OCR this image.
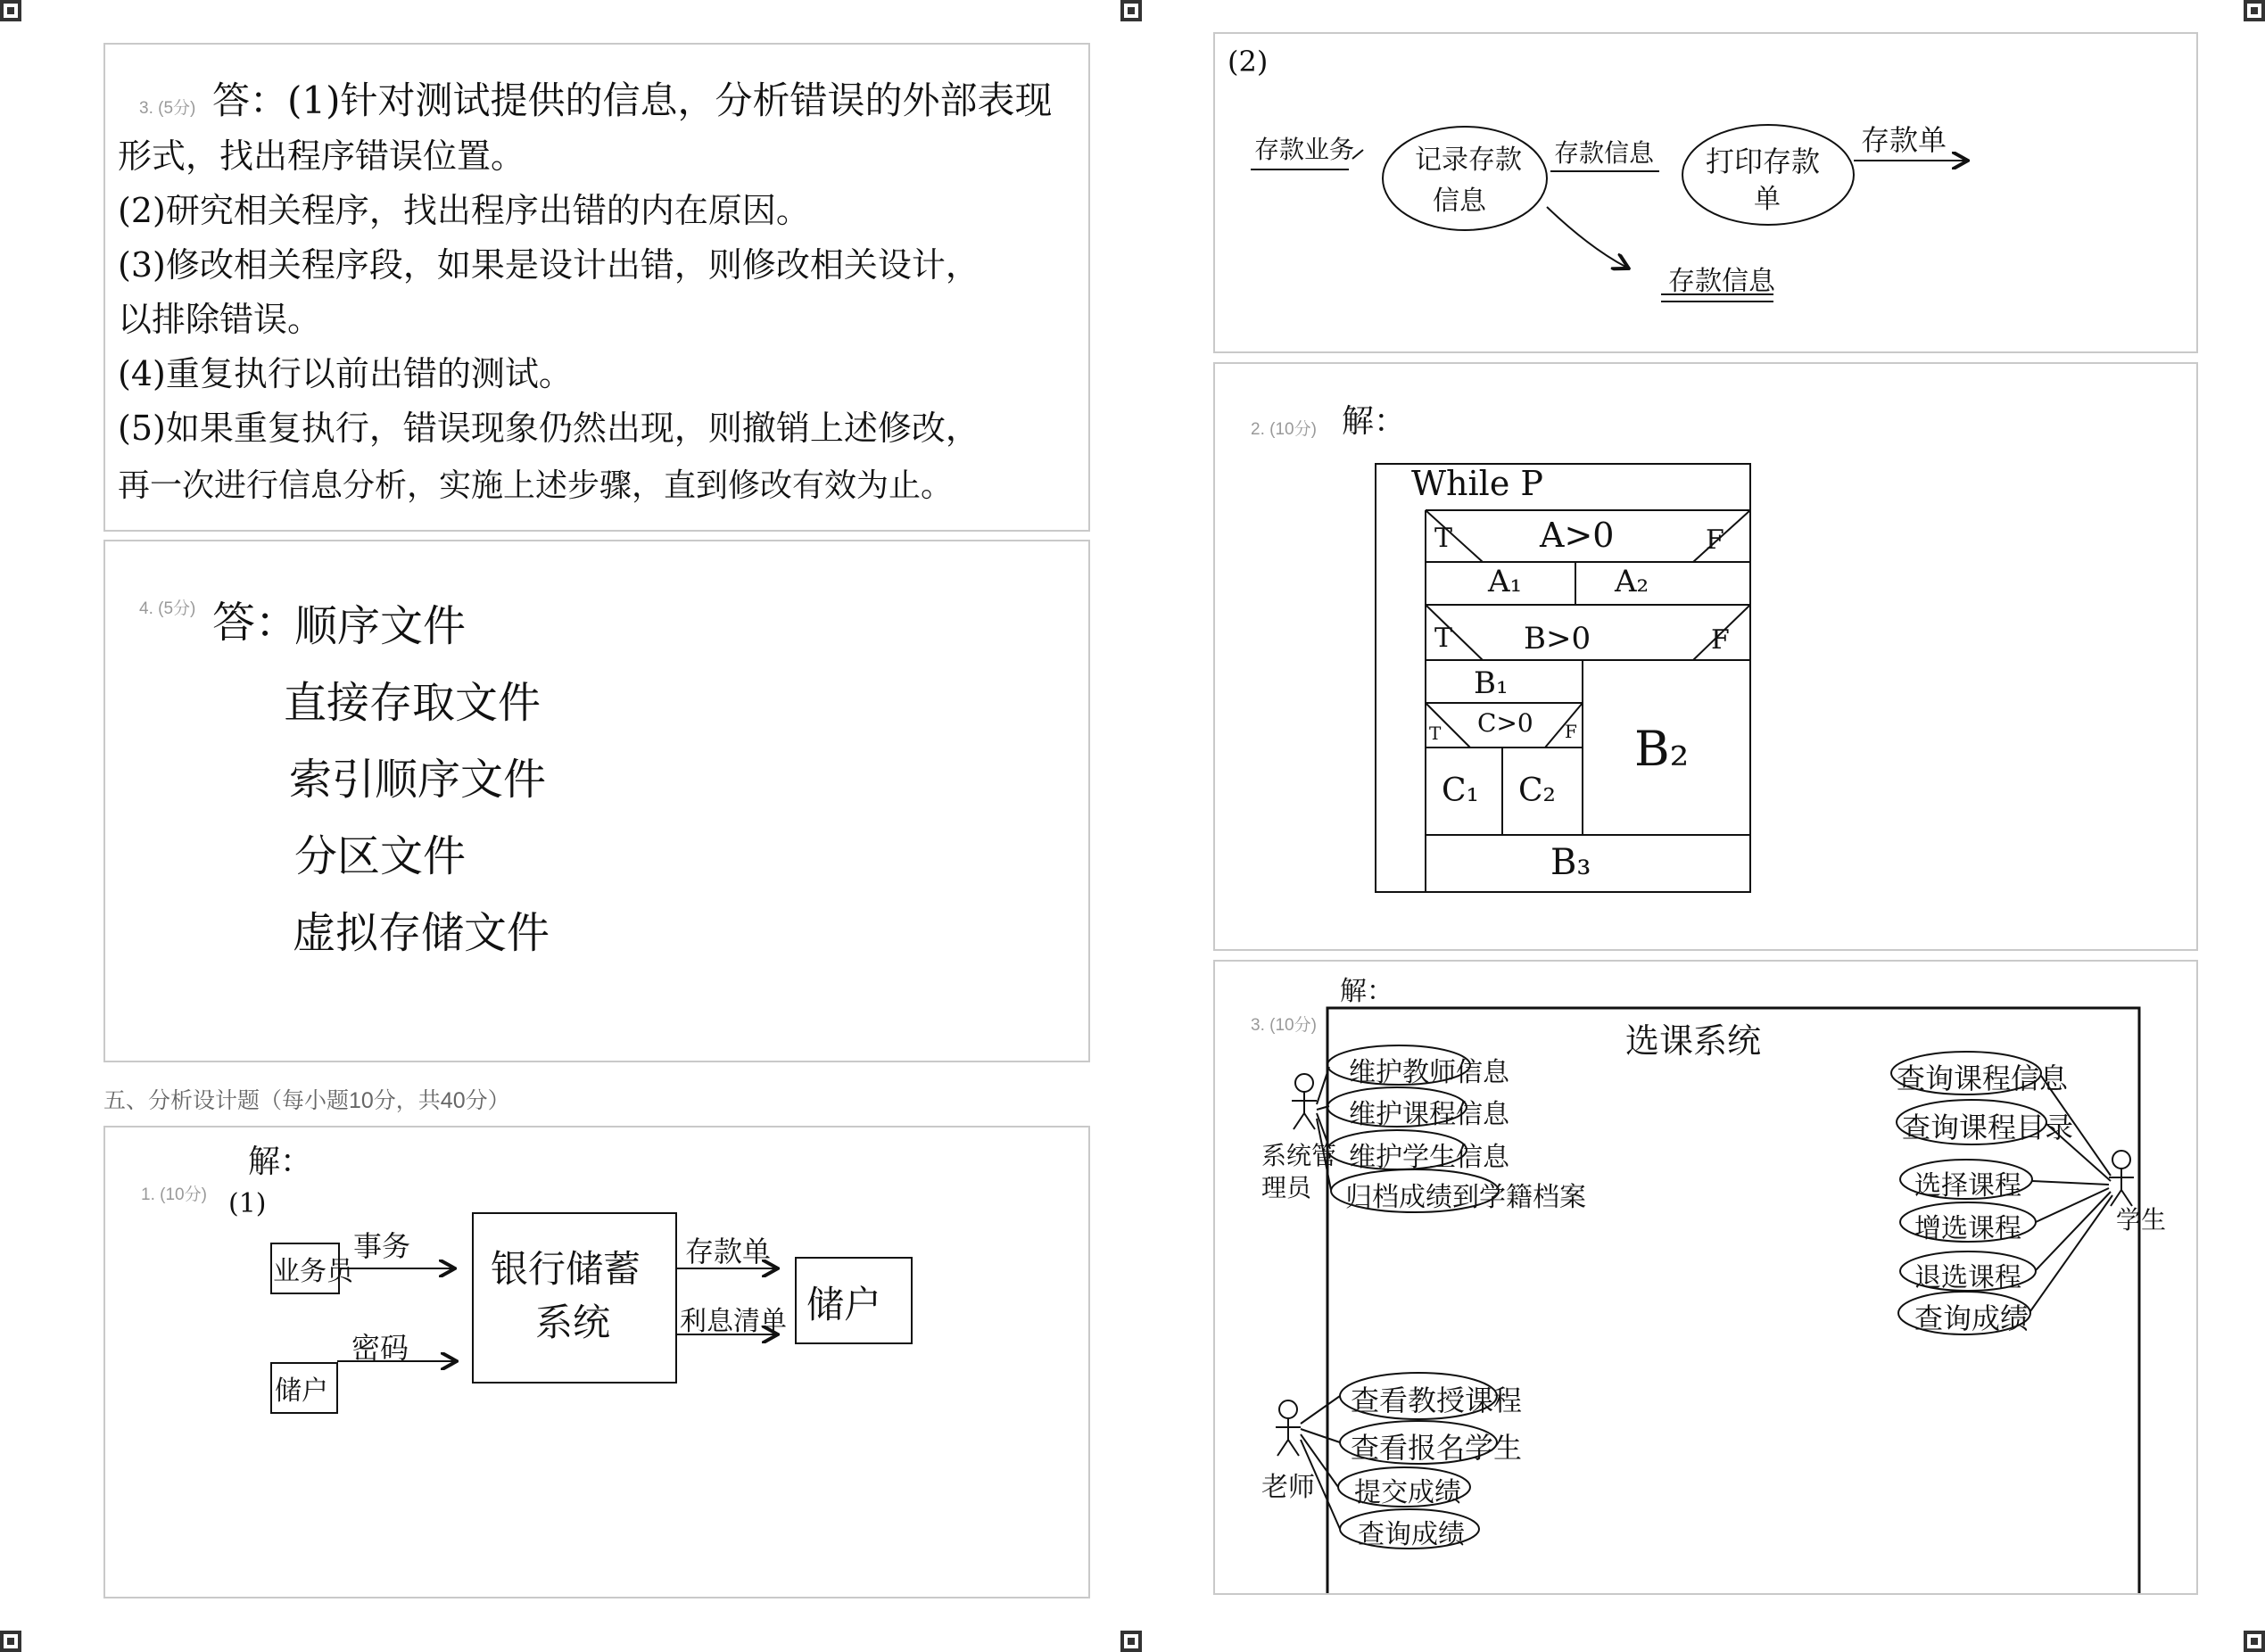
3. (5分) 答：(1)针对测试提供的信息，分析错误的外部表现
形式，找出程序错误位置。
(2)研究相关程序，找出程序出错的内在原因。
(3)修改相关程序段，如果是设计出错，则修改相关设计，
以排除错误。
(4)重复执行以前出错的测试。
(5)如果重复执行，错误现象仍然出现，则撤销上述修改，
再一次进行信息分析，实施上述步骤，直到修改有效为止。
4. (5分) 答：
顺序文件
直接存取文件
索引顺序文件
分区文件
虚拟存储文件
五、分析设计题（每小题10分，共40分）
1. (10分)
解：
(1)
业务员
储户
事务
密码
银行储蓄
系统
存款单
利息清单 储户
(2)
存款业务 记录存款
信息
存款信息 打印存款
单
存款单
存款信息
2. (10分) 解：
While P
T	A>0	F
A₁	A₂
T B>0	F
B₁
T C>0 F
C₁ C₂
B₂
B₃
3. (10分)
解：
选课系统
系统管
理员
学生
老师
维护教师信息
维护课程信息
维护学生信息
归档成绩到学籍档案
查询课程信息
查询课程目录
选择课程
增选课程
退选课程
查询成绩
查看教授课程
查看报名学生
提交成绩
查询成绩
